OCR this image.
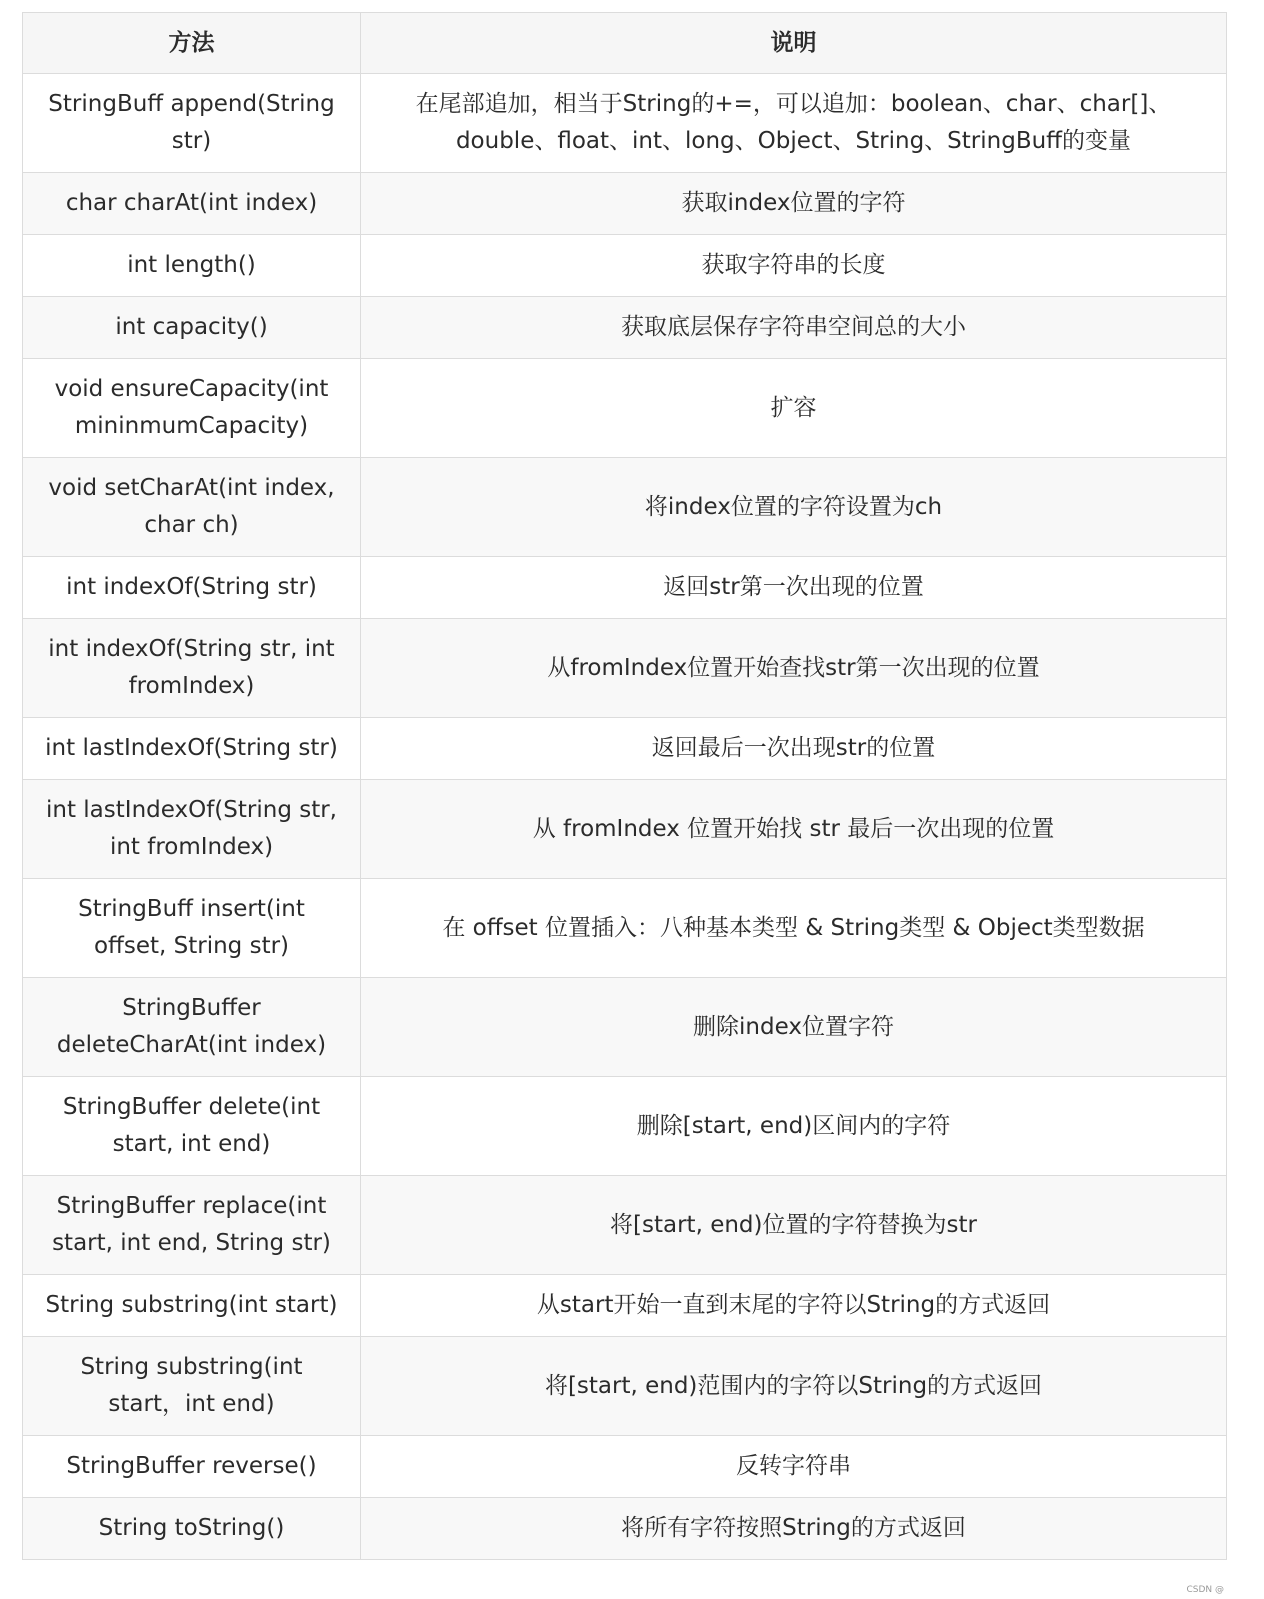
方法	说明
StringBuff append(String str)	在尾部追加，相当于String的+=，可以追加：boolean、char、char[]、double、float、int、long、Object、String、StringBuff的变量
char charAt(int index)	获取index位置的字符
int length()	获取字符串的长度
int capacity()	获取底层保存字符串空间总的大小
void ensureCapacity(int mininmumCapacity)	扩容
void setCharAt(int index, char ch)	将index位置的字符设置为ch
int indexOf(String str)	返回str第一次出现的位置
int indexOf(String str, int fromIndex)	从fromIndex位置开始查找str第一次出现的位置
int lastIndexOf(String str)	返回最后一次出现str的位置
int lastIndexOf(String str, int fromIndex)	从 fromIndex 位置开始找 str 最后一次出现的位置
StringBuff insert(int offset, String str)	在 offset 位置插入：八种基本类型 & String类型 & Object类型数据
StringBuffer deleteCharAt(int index)	删除index位置字符
StringBuffer delete(int start, int end)	删除[start, end)区间内的字符
StringBuffer replace(int start, int end, String str)	将[start, end)位置的字符替换为str
String substring(int start)	从start开始一直到末尾的字符以String的方式返回
String substring(int start，int end)	将[start, end)范围内的字符以String的方式返回
StringBuffer reverse()	反转字符串
String toString()	将所有字符按照String的方式返回
CSDN @
